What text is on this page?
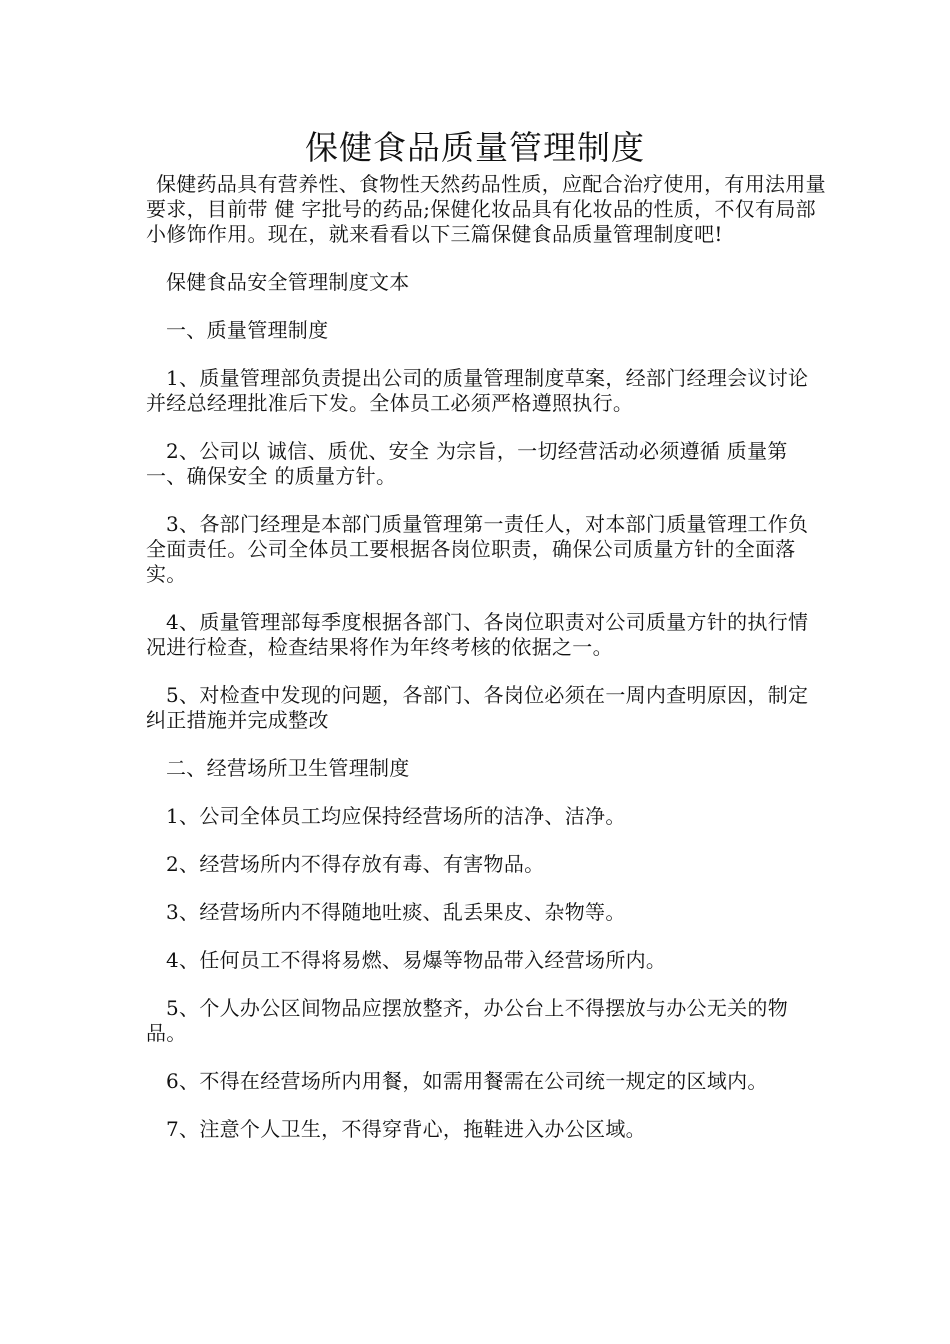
保健食品质量管理制度

保健药品具有营养性、食物性天然药品性质，应配合治疗使用，有用法用量要求，目前带 健 字批号的药品;保健化妆品具有化妆品的性质，不仅有局部小修饰作用。现在，就来看看以下三篇保健食品质量管理制度吧!

保健食品安全管理制度文本

一、质量管理制度

1、质量管理部负责提出公司的质量管理制度草案，经部门经理会议讨论并经总经理批准后下发。全体员工必须严格遵照执行。

2、公司以 诚信、质优、安全 为宗旨，一切经营活动必须遵循 质量第一、确保安全 的质量方针。

3、各部门经理是本部门质量管理第一责任人，对本部门质量管理工作负全面责任。公司全体员工要根据各岗位职责，确保公司质量方针的全面落实。

4、质量管理部每季度根据各部门、各岗位职责对公司质量方针的执行情况进行检查，检查结果将作为年终考核的依据之一。

5、对检查中发现的问题，各部门、各岗位必须在一周内查明原因，制定纠正措施并完成整改

二、经营场所卫生管理制度

1、公司全体员工均应保持经营场所的洁净、洁净。

2、经营场所内不得存放有毒、有害物品。

3、经营场所内不得随地吐痰、乱丢果皮、杂物等。

4、任何员工不得将易燃、易爆等物品带入经营场所内。

5、个人办公区间物品应摆放整齐，办公台上不得摆放与办公无关的物品。

6、不得在经营场所内用餐，如需用餐需在公司统一规定的区域内。

7、注意个人卫生，不得穿背心，拖鞋进入办公区域。
